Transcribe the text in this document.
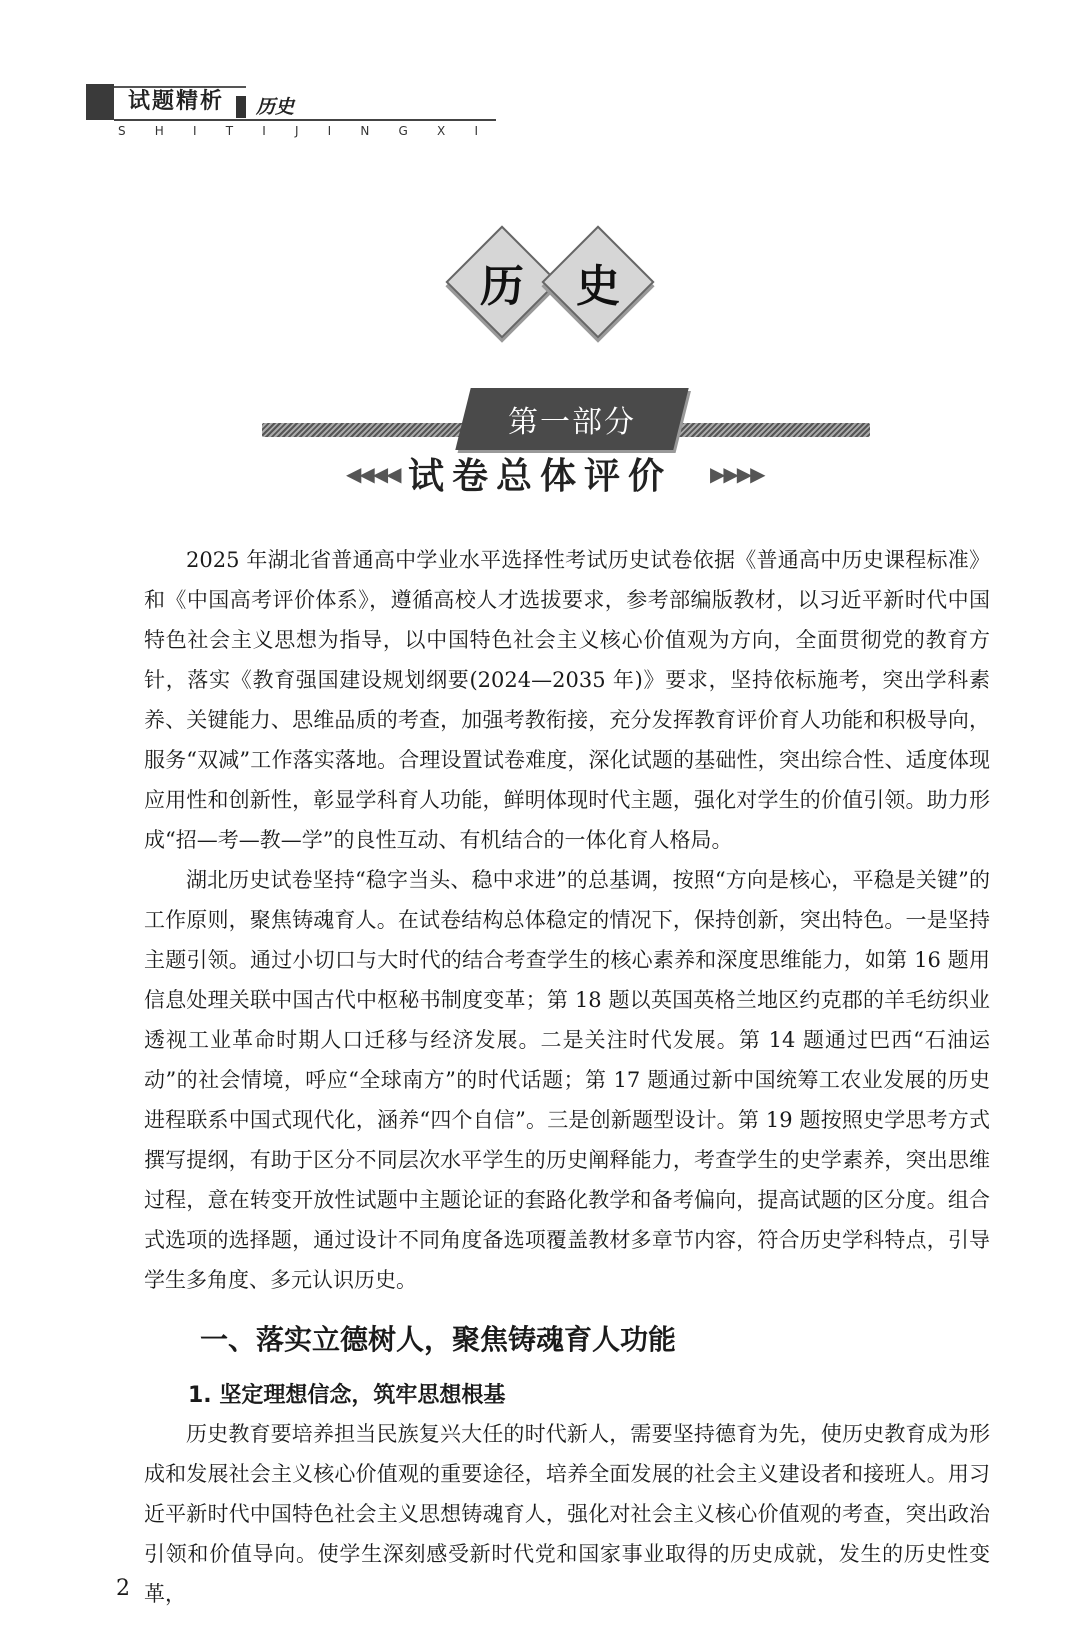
试题精析 历史
S H I T I J I N G X I
历	史
第一部分
◀◀◀◀ 试卷总体评价	▶▶▶▶

2025 年湖北省普通高中学业水平选择性考试历史试卷依据《普通高中历史课程标准》和《中国高考评价体系》，遵循高校人才选拔要求，参考部编版教材，以习近平新时代中国特色社会主义思想为指导，以中国特色社会主义核心价值观为方向，全面贯彻党的教育方针，落实《教育强国建设规划纲要(2024—2035 年)》要求，坚持依标施考，突出学科素养、关键能力、思维品质的考查，加强考教衔接，充分发挥教育评价育人功能和积极导向，服务“双减”工作落实落地。合理设置试卷难度，深化试题的基础性，突出综合性、适度体现应用性和创新性，彰显学科育人功能，鲜明体现时代主题，强化对学生的价值引领。助力形成“招—考—教—学”的良性互动、有机结合的一体化育人格局。

湖北历史试卷坚持“稳字当头、稳中求进”的总基调，按照“方向是核心，平稳是关键”的工作原则，聚焦铸魂育人。在试卷结构总体稳定的情况下，保持创新，突出特色。一是坚持主题引领。通过小切口与大时代的结合考查学生的核心素养和深度思维能力，如第 16 题用信息处理关联中国古代中枢秘书制度变革；第 18 题以英国英格兰地区约克郡的羊毛纺织业透视工业革命时期人口迁移与经济发展。二是关注时代发展。第 14 题通过巴西“石油运动”的社会情境，呼应“全球南方”的时代话题；第 17 题通过新中国统筹工农业发展的历史进程联系中国式现代化，涵养“四个自信”。三是创新题型设计。第 19 题按照史学思考方式撰写提纲，有助于区分不同层次水平学生的历史阐释能力，考查学生的史学素养，突出思维过程，意在转变开放性试题中主题论证的套路化教学和备考偏向，提高试题的区分度。组合式选项的选择题，通过设计不同角度备选项覆盖教材多章节内容，符合历史学科特点，引导学生多角度、多元认识历史。

一、落实立德树人，聚焦铸魂育人功能
1. 坚定理想信念，筑牢思想根基

历史教育要培养担当民族复兴大任的时代新人，需要坚持德育为先，使历史教育成为形成和发展社会主义核心价值观的重要途径，培养全面发展的社会主义建设者和接班人。用习近平新时代中国特色社会主义思想铸魂育人，强化对社会主义核心价值观的考查，突出政治引领和价值导向。使学生深刻感受新时代党和国家事业取得的历史成就，发生的历史性变革，

2
